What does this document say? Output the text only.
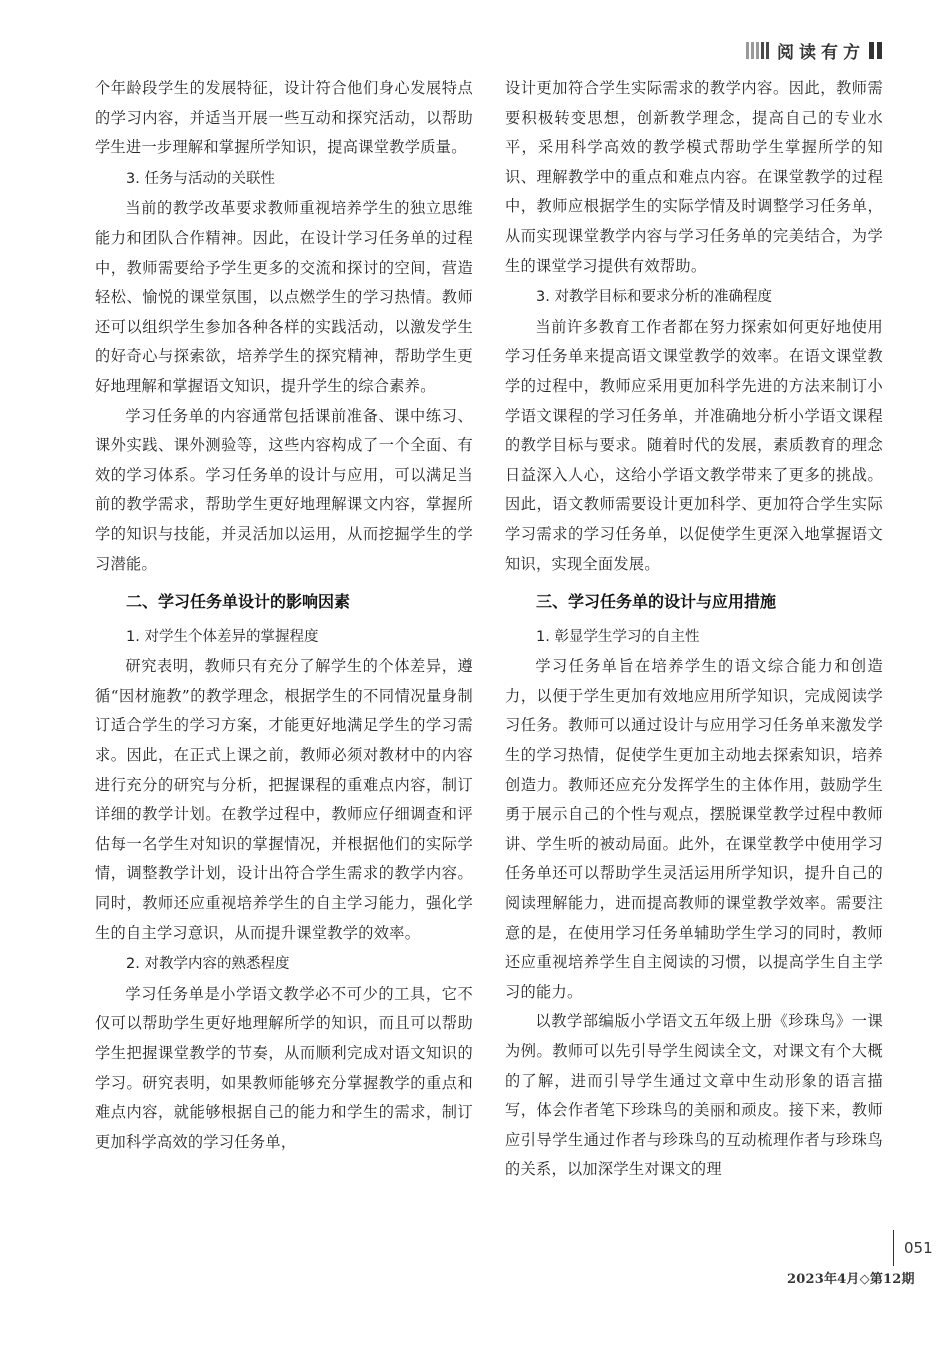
阅读有方

个年龄段学生的发展特征，设计符合他们身心发展特点的学习内容，并适当开展一些互动和探究活动，以帮助学生进一步理解和掌握所学知识，提高课堂教学质量。

3. 任务与活动的关联性

当前的教学改革要求教师重视培养学生的独立思维能力和团队合作精神。因此，在设计学习任务单的过程中，教师需要给予学生更多的交流和探讨的空间，营造轻松、愉悦的课堂氛围，以点燃学生的学习热情。教师还可以组织学生参加各种各样的实践活动，以激发学生的好奇心与探索欲，培养学生的探究精神，帮助学生更好地理解和掌握语文知识，提升学生的综合素养。

学习任务单的内容通常包括课前准备、课中练习、课外实践、课外测验等，这些内容构成了一个全面、有效的学习体系。学习任务单的设计与应用，可以满足当前的教学需求，帮助学生更好地理解课文内容，掌握所学的知识与技能，并灵活加以运用，从而挖掘学生的学习潜能。

二、学习任务单设计的影响因素
1. 对学生个体差异的掌握程度

研究表明，教师只有充分了解学生的个体差异，遵循“因材施教”的教学理念，根据学生的不同情况量身制订适合学生的学习方案，才能更好地满足学生的学习需求。因此，在正式上课之前，教师必须对教材中的内容进行充分的研究与分析，把握课程的重难点内容，制订详细的教学计划。在教学过程中，教师应仔细调查和评估每一名学生对知识的掌握情况，并根据他们的实际学情，调整教学计划，设计出符合学生需求的教学内容。同时，教师还应重视培养学生的自主学习能力，强化学生的自主学习意识，从而提升课堂教学的效率。

2. 对教学内容的熟悉程度

学习任务单是小学语文教学必不可少的工具，它不仅可以帮助学生更好地理解所学的知识，而且可以帮助学生把握课堂教学的节奏，从而顺利完成对语文知识的学习。研究表明，如果教师能够充分掌握教学的重点和难点内容，就能够根据自己的能力和学生的需求，制订更加科学高效的学习任务单，

设计更加符合学生实际需求的教学内容。因此，教师需要积极转变思想，创新教学理念，提高自己的专业水平，采用科学高效的教学模式帮助学生掌握所学的知识、理解教学中的重点和难点内容。在课堂教学的过程中，教师应根据学生的实际学情及时调整学习任务单，从而实现课堂教学内容与学习任务单的完美结合，为学生的课堂学习提供有效帮助。

3. 对教学目标和要求分析的准确程度

当前许多教育工作者都在努力探索如何更好地使用学习任务单来提高语文课堂教学的效率。在语文课堂教学的过程中，教师应采用更加科学先进的方法来制订小学语文课程的学习任务单，并准确地分析小学语文课程的教学目标与要求。随着时代的发展，素质教育的理念日益深入人心，这给小学语文教学带来了更多的挑战。因此，语文教师需要设计更加科学、更加符合学生实际学习需求的学习任务单，以促使学生更深入地掌握语文知识，实现全面发展。

三、学习任务单的设计与应用措施
1. 彰显学生学习的自主性

学习任务单旨在培养学生的语文综合能力和创造力，以便于学生更加有效地应用所学知识，完成阅读学习任务。教师可以通过设计与应用学习任务单来激发学生的学习热情，促使学生更加主动地去探索知识，培养创造力。教师还应充分发挥学生的主体作用，鼓励学生勇于展示自己的个性与观点，摆脱课堂教学过程中教师讲、学生听的被动局面。此外，在课堂教学中使用学习任务单还可以帮助学生灵活运用所学知识，提升自己的阅读理解能力，进而提高教师的课堂教学效率。需要注意的是，在使用学习任务单辅助学生学习的同时，教师还应重视培养学生自主阅读的习惯，以提高学生自主学习的能力。

以教学部编版小学语文五年级上册《珍珠鸟》一课为例。教师可以先引导学生阅读全文，对课文有个大概的了解，进而引导学生通过文章中生动形象的语言描写，体会作者笔下珍珠鸟的美丽和顽皮。接下来，教师应引导学生通过作者与珍珠鸟的互动梳理作者与珍珠鸟的关系，以加深学生对课文的理

051
2023年4月◇第12期
